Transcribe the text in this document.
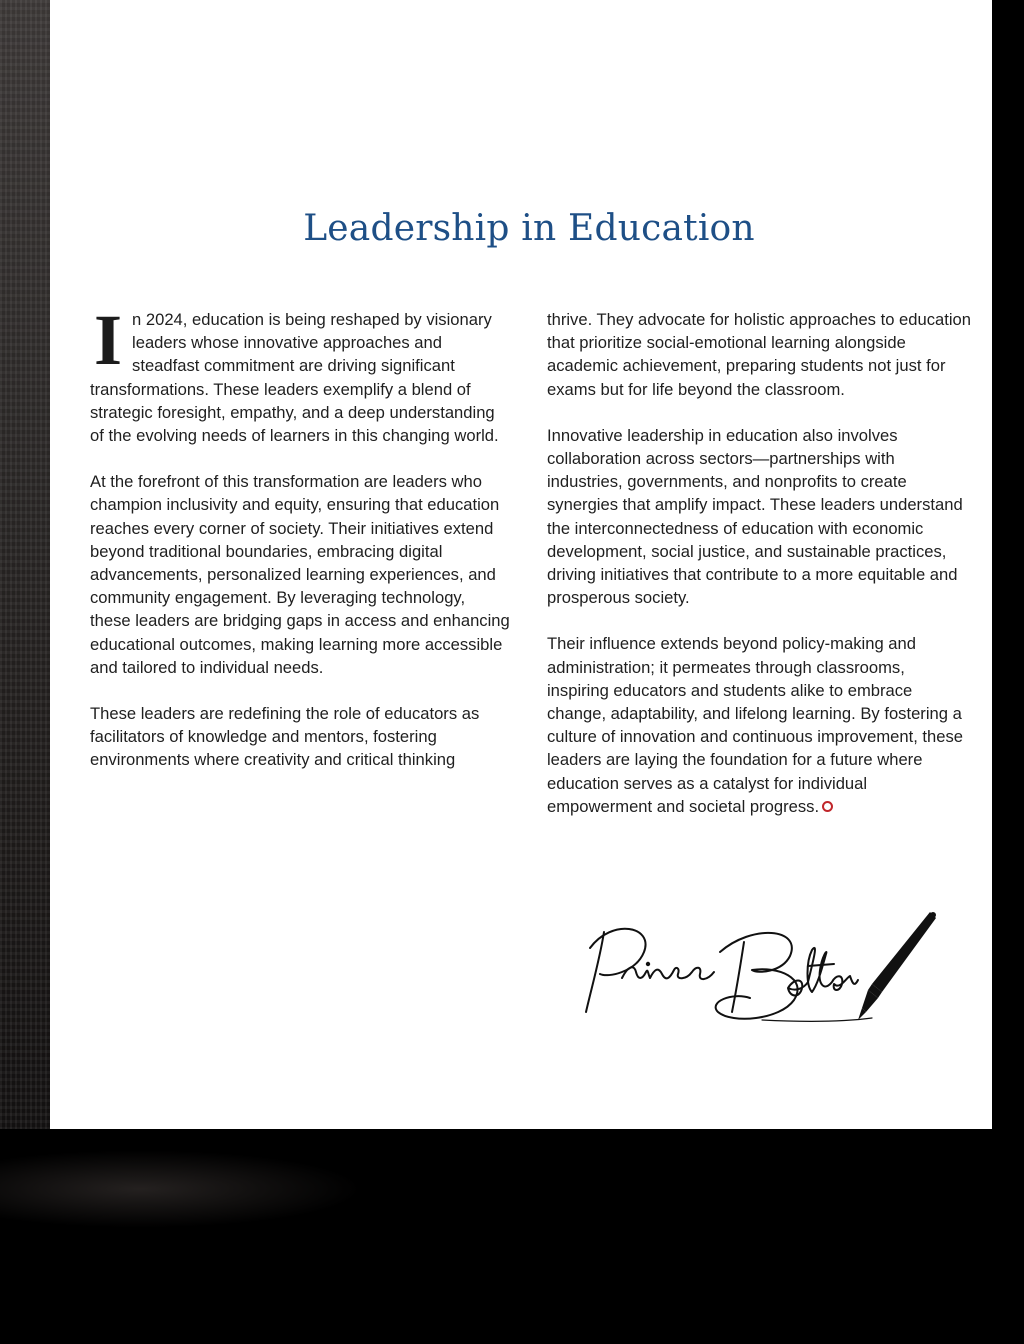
Leadership in Education

In 2024, education is being reshaped by visionary leaders whose innovative approaches and steadfast commitment are driving significant transformations. These leaders exemplify a blend of strategic foresight, empathy, and a deep understanding of the evolving needs of learners in this changing world.

At the forefront of this transformation are leaders who champion inclusivity and equity, ensuring that education reaches every corner of society. Their initiatives extend beyond traditional boundaries, embracing digital advancements, personalized learning experiences, and community engagement. By leveraging technology, these leaders are bridging gaps in access and enhancing educational outcomes, making learning more accessible and tailored to individual needs.

These leaders are redefining the role of educators as facilitators of knowledge and mentors, fostering environments where creativity and critical thinking

thrive. They advocate for holistic approaches to education that prioritize social-emotional learning alongside academic achievement, preparing students not just for exams but for life beyond the classroom.

Innovative leadership in education also involves collaboration across sectors—partnerships with industries, governments, and nonprofits to create synergies that amplify impact. These leaders understand the interconnectedness of education with economic development, social justice, and sustainable practices, driving initiatives that contribute to a more equitable and prosperous society.

Their influence extends beyond policy-making and administration; it permeates through classrooms, inspiring educators and students alike to embrace change, adaptability, and lifelong learning. By fostering a culture of innovation and continuous improvement, these leaders are laying the foundation for a future where education serves as a catalyst for individual empowerment and societal progress.
